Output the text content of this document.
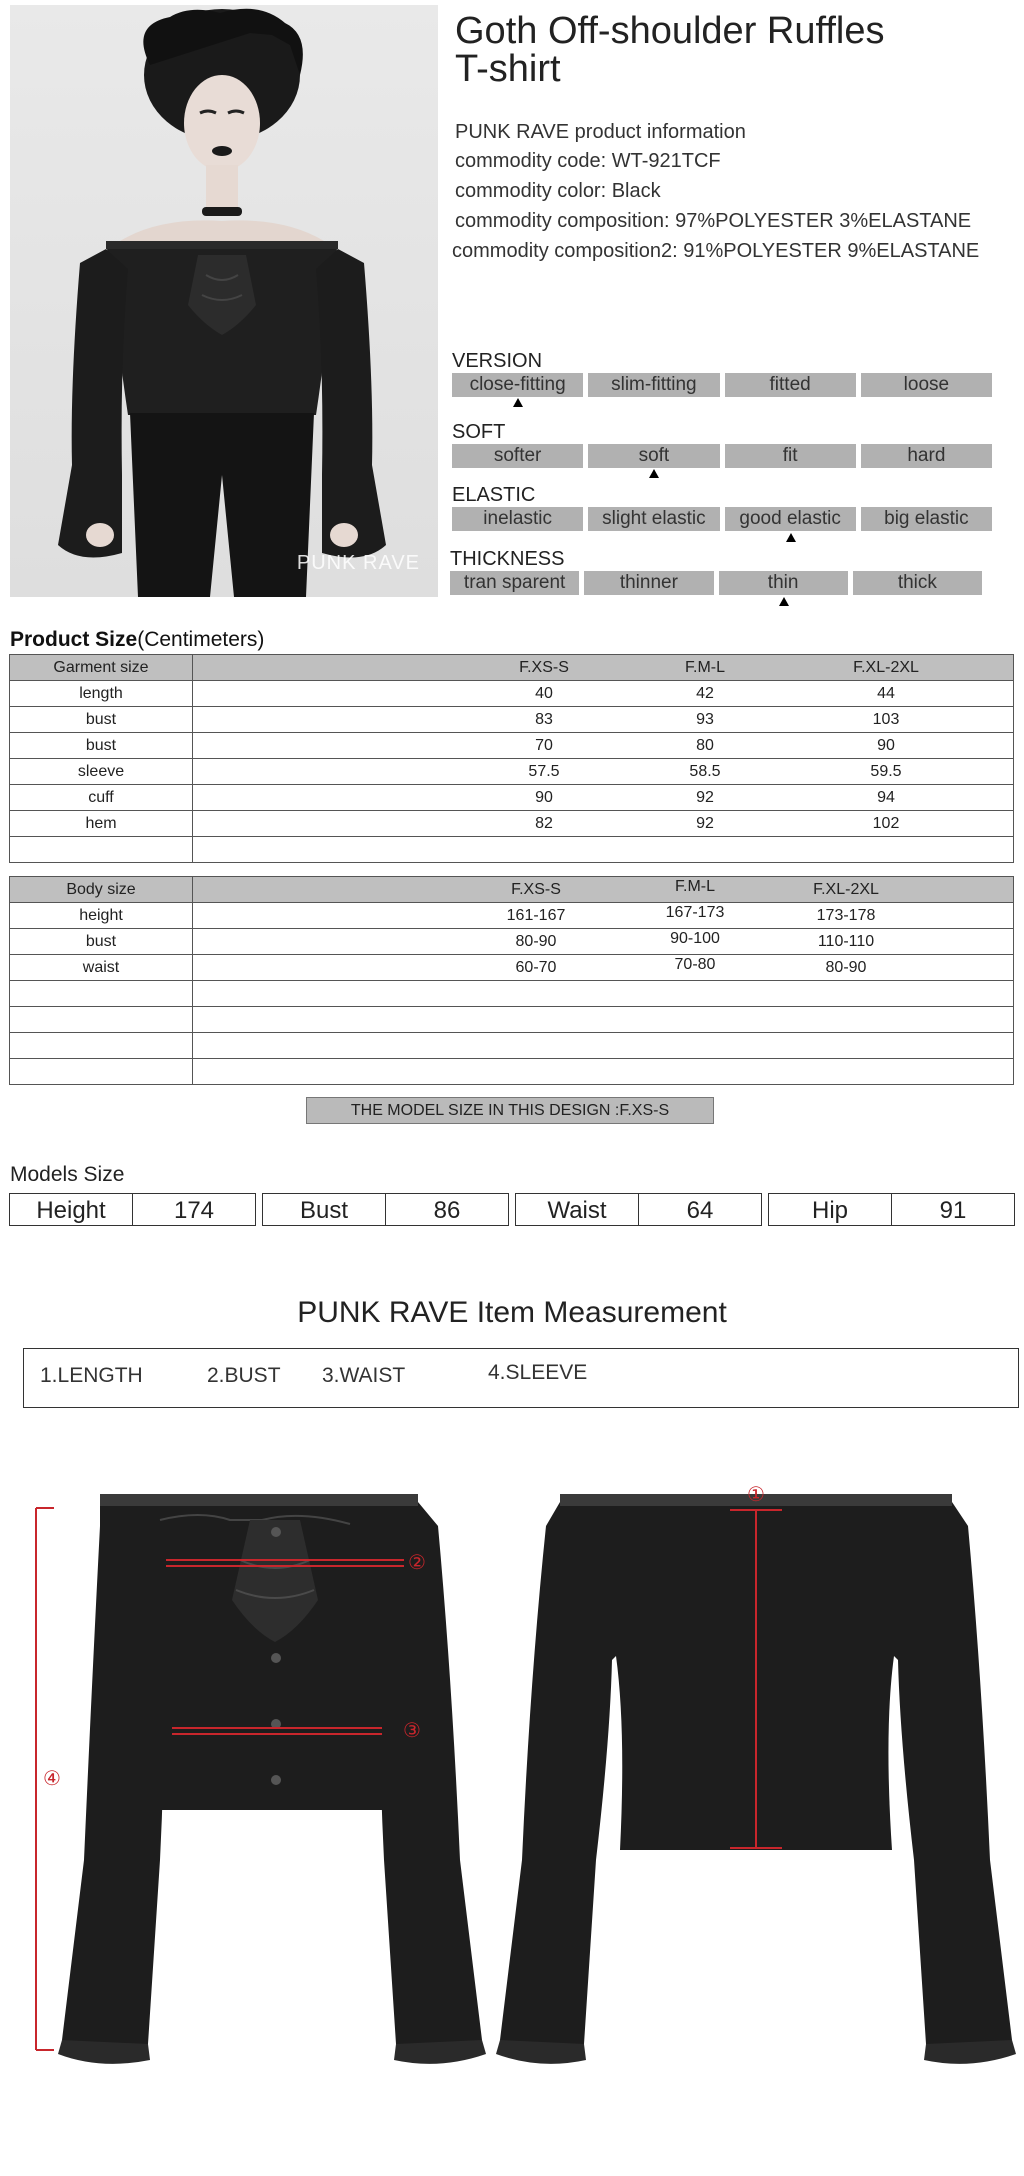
PUNK RAVE
Goth Off-shoulder Ruffles
T-shirt
PUNK RAVE product information
commodity code: WT-921TCF
commodity color: Black
commodity composition: 97%POLYESTER 3%ELASTANE
commodity composition2: 91%POLYESTER 9%ELASTANE
VERSION
close-fitting	slim-fitting	fitted	loose
SOFT
softer	soft	fit	hard
ELASTIC
inelastic	slight elastic	good elastic	big elastic
THICKNESS
tran sparent	thinner	thin	thick
Product Size(Centimeters)
Garment size	F.XS-S F.M-L F.XL-2XL

length	40 42 44

bust	83 93 103

bust	70 80 90

sleeve	57.5 58.5 59.5

cuff	90 92 94

hem	82 92 102

Body size	F.XS-S F.M-L F.XL-2XL

height	161-167 167-173 173-178

bust	80-90 90-100 110-110

waist	60-70 70-80 80-90

THE MODEL SIZE IN THIS DESIGN :F.XS-S
Models Size
Height	174	Bust	86	Waist	64	Hip	91
PUNK RAVE Item Measurement
1.LENGTH	2.BUST 3.WAIST	4.SLEEVE
②
③
④
①
